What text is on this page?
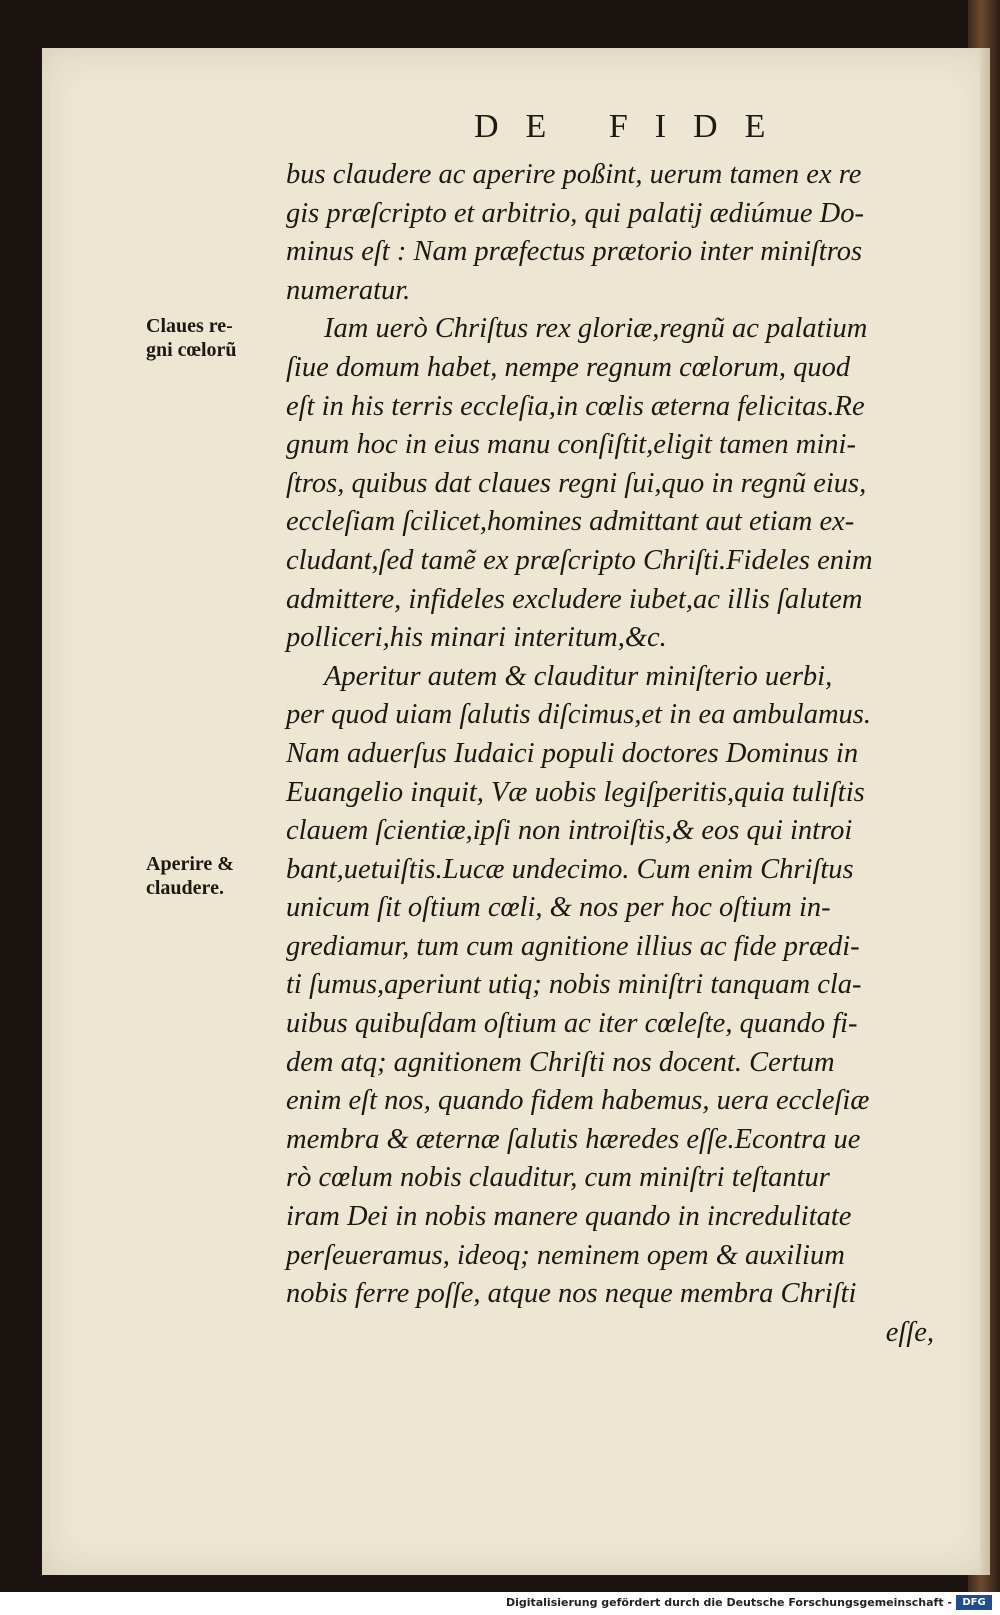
DE FIDE
Claues re-
gni cœlorũ
Aperire &
claudere.
bus claudere ac aperire poßint, uerum tamen ex re
gis præſcripto et arbitrio, qui palatij ædiúmue Do-
minus eſt : Nam præfectus prætorio inter miniſtros
numeratur.
Iam uerò Chriſtus rex gloriæ,regnũ ac palatium
ſiue domum habet, nempe regnum cœlorum, quod
eſt in his terris eccleſia,in cœlis æterna felicitas.Re
gnum hoc in eius manu conſiſtit,eligit tamen mini-
ſtros, quibus dat claues regni ſui,quo in regnũ eius,
eccleſiam ſcilicet,homines admittant aut etiam ex-
cludant,ſed tamẽ ex præſcripto Chriſti.Fideles enim
admittere, infideles excludere iubet,ac illis ſalutem
polliceri,his minari interitum,&c.
Aperitur autem & clauditur miniſterio uerbi,
per quod uiam ſalutis diſcimus,et in ea ambulamus.
Nam aduerſus Iudaici populi doctores Dominus in
Euangelio inquit, Væ uobis legiſperitis,quia tuliſtis
clauem ſcientiæ,ipſi non introiſtis,& eos qui introi
bant,uetuiſtis.Lucæ undecimo. Cum enim Chriſtus
unicum ſit oſtium cœli, & nos per hoc oſtium in-
grediamur, tum cum agnitione illius ac fide prædi-
ti ſumus,aperiunt utiq; nobis miniſtri tanquam cla-
uibus quibuſdam oſtium ac iter cœleſte, quando fi-
dem atq; agnitionem Chriſti nos docent. Certum
enim eſt nos, quando fidem habemus, uera eccleſiæ
membra & æternæ ſalutis hæredes eſſe.Econtra ue
rò cœlum nobis clauditur, cum miniſtri teſtantur
iram Dei in nobis manere quando in incredulitate
perſeueramus, ideoq; neminem opem & auxilium
nobis ferre poſſe, atque nos neque membra Chriſti
eſſe,
Digitalisierung gefördert durch die Deutsche Forschungsgemeinschaft -	DFG
